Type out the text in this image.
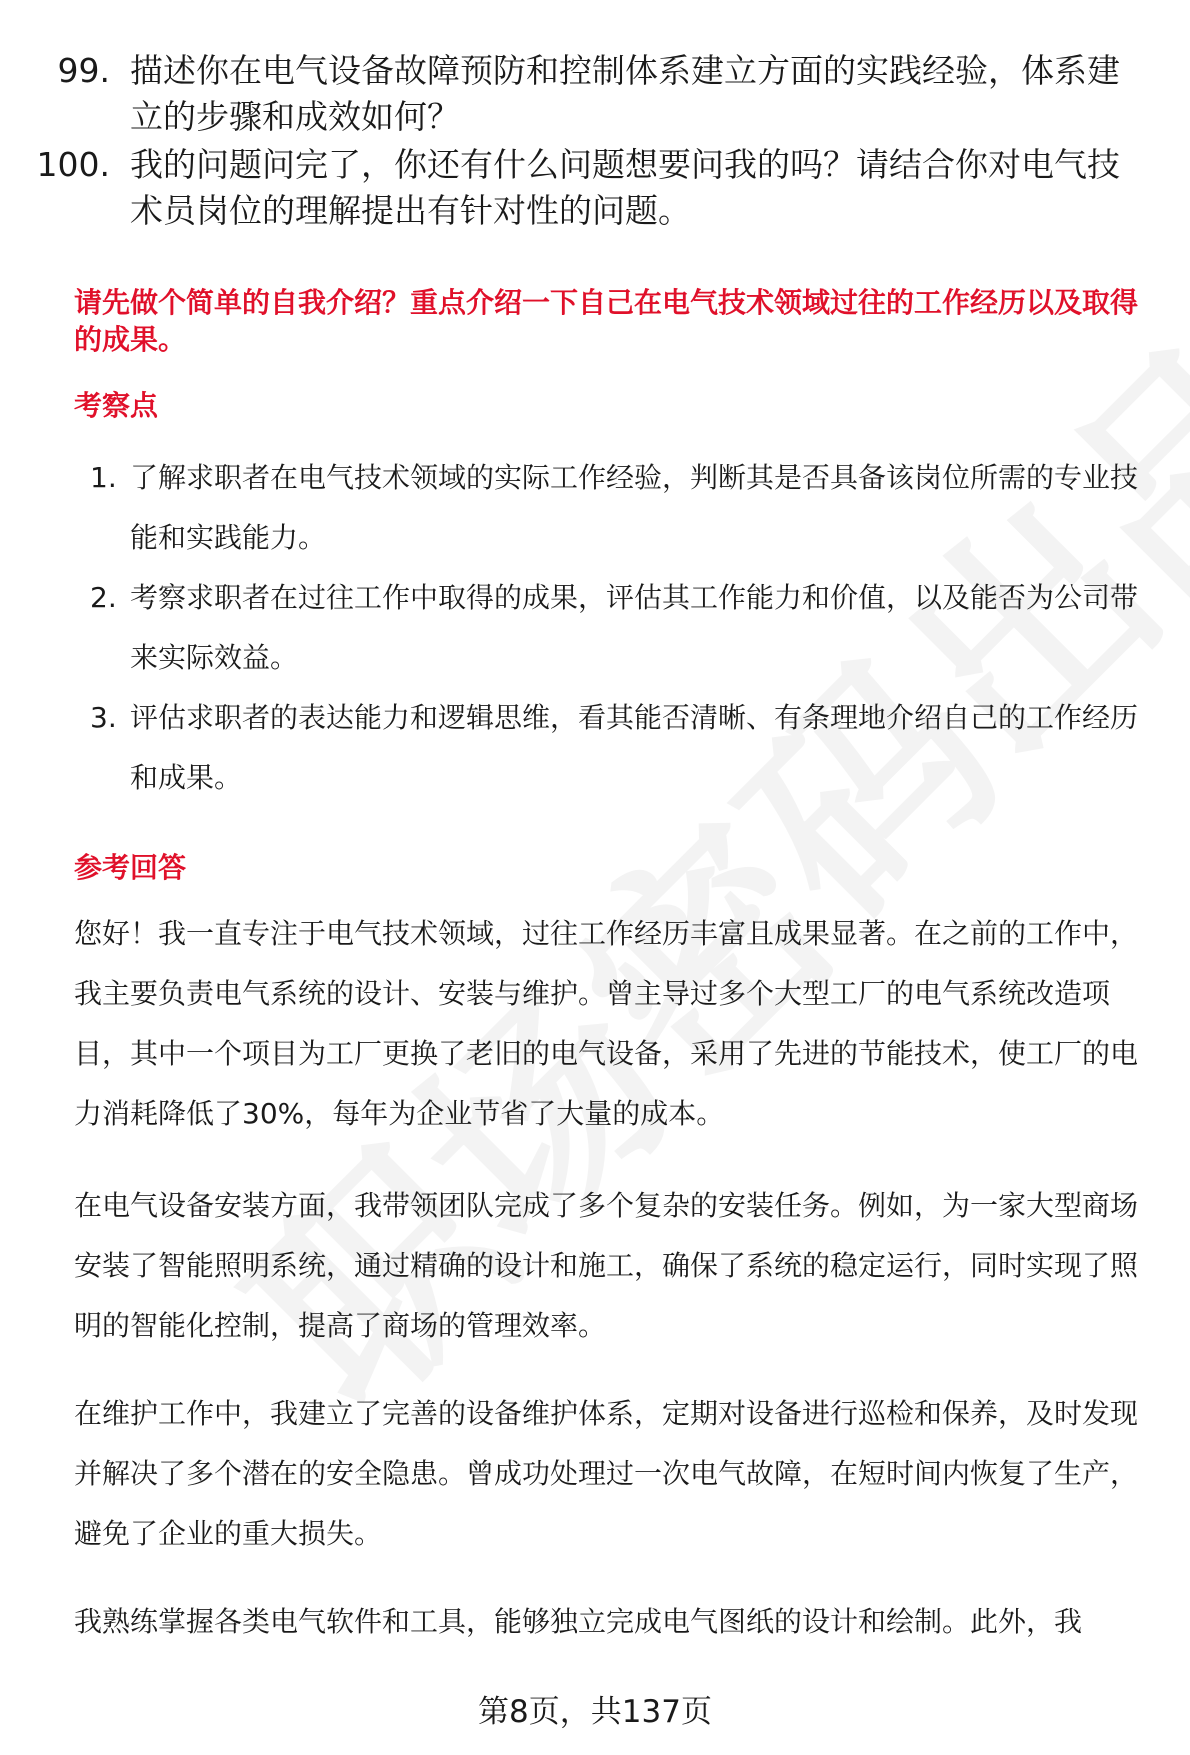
99. 描述你在电气设备故障预防和控制体系建立方面的实践经验，体系建立的步骤和成效如何？
100. 我的问题问完了，你还有什么问题想要问我的吗？请结合你对电气技术员岗位的理解提出有针对性的问题。
请先做个简单的自我介绍？重点介绍一下自己在电气技术领域过往的工作经历以及取得的成果。
考察点
1. 了解求职者在电气技术领域的实际工作经验，判断其是否具备该岗位所需的专业技能和实践能力。
2. 考察求职者在过往工作中取得的成果，评估其工作能力和价值，以及能否为公司带来实际效益。
3. 评估求职者的表达能力和逻辑思维，看其能否清晰、有条理地介绍自己的工作经历和成果。
参考回答
您好！我一直专注于电气技术领域，过往工作经历丰富且成果显著。在之前的工作中，我主要负责电气系统的设计、安装与维护。曾主导过多个大型工厂的电气系统改造项目，其中一个项目为工厂更换了老旧的电气设备，采用了先进的节能技术，使工厂的电力消耗降低了30%，每年为企业节省了大量的成本。
在电气设备安装方面，我带领团队完成了多个复杂的安装任务。例如，为一家大型商场安装了智能照明系统，通过精确的设计和施工，确保了系统的稳定运行，同时实现了照明的智能化控制，提高了商场的管理效率。
在维护工作中，我建立了完善的设备维护体系，定期对设备进行巡检和保养，及时发现并解决了多个潜在的安全隐患。曾成功处理过一次电气故障，在短时间内恢复了生产，避免了企业的重大损失。
我熟练掌握各类电气软件和工具，能够独立完成电气图纸的设计和绘制。此外，我
第8页，共137页
